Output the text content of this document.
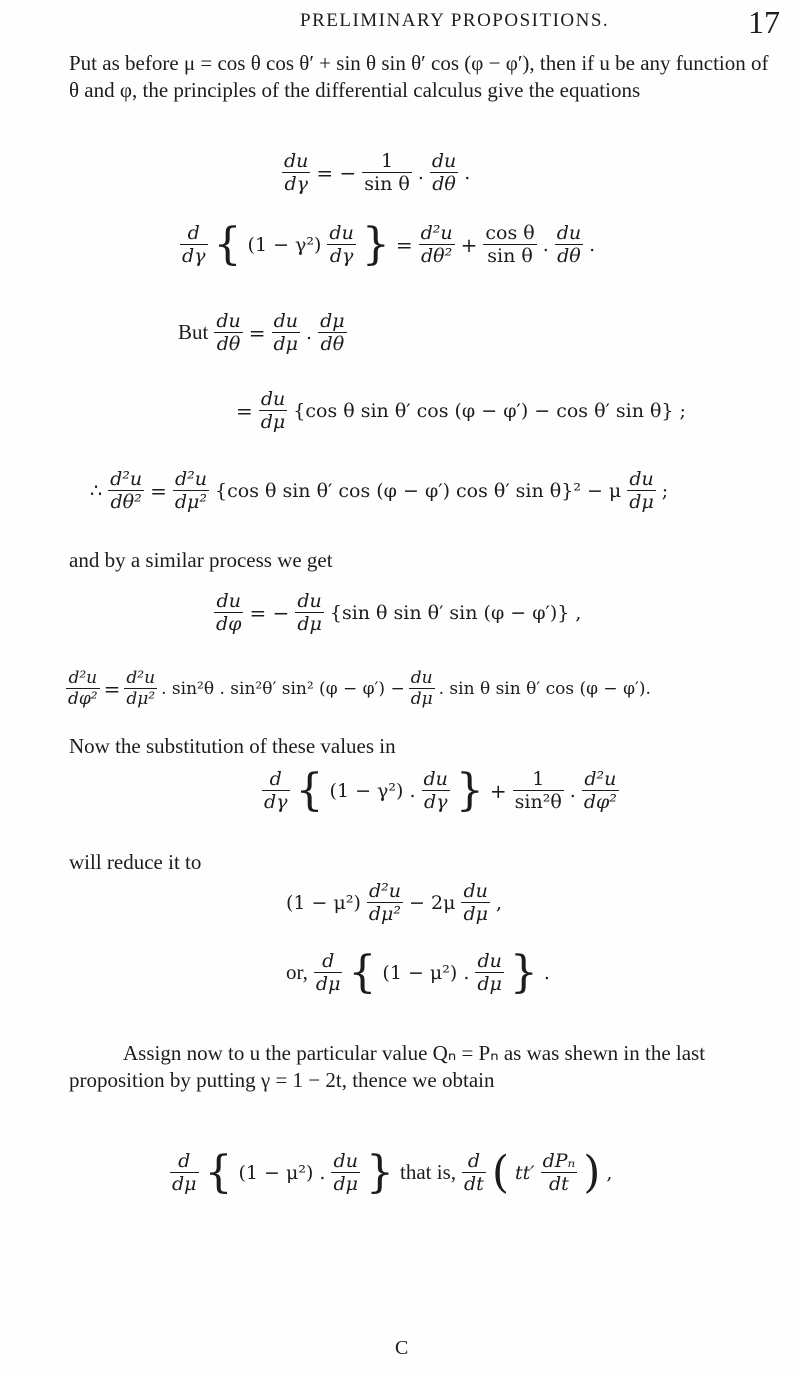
PRELIMINARY PROPOSITIONS.	17
Put as before μ = cos θ cos θ′ + sin θ sin θ′ cos (φ − φ′), then if u be any function of θ and φ, the principles of the differential calculus give the equations
$\frac{du}{d\gamma}$ = − $\frac{1}{\text{sin θ}}$ . $\frac{du}{d\theta}$ .
$\frac{d}{d\gamma}$ { $(1 - \gamma^2) \frac{du}{d\gamma}$ } = $\frac{\text{d²u}}{\text{dθ²}} + \frac{\text{cos θ}}{\text{sin θ}}$ . $\frac{du}{d\theta}$ .
But $\frac{du}{d\theta} = \frac{du}{d\mu}$ . $\frac{d\mu}{d\theta}$
= $\frac{du}{d\mu} \{\cos$ θ sin θ′ cos (φ − φ′) − cos θ′ sin θ} ;
∴ $\frac{\text{d²u}}{\text{dθ²}} = \frac{\text{d²u}}{\text{dμ²}} \{\cos$ θ sin θ′ cos (φ − φ′) cos θ′ sin θ}² − μ $\frac{du}{d\mu}$ ;
and by a similar process we get
$\frac{du}{d\varphi}$ = − $\frac{du}{d\mu} \{\sin$ θ sin θ′ sin (φ − φ′)} ,
$\frac{\text{d²u}}{\text{dφ²}} = \frac{\text{d²u}}{\text{dμ²}}$ . sin²θ . sin²θ′ sin² $(\varphi - \varphi') - \frac{du}{d\mu}$ . sin θ sin θ′ cos (φ − φ′).
Now the substitution of these values in
$\frac{d}{d\gamma}$ { (1 − γ²) . $\frac{du}{d\gamma}$ } + $\frac{1}{\text{sin²θ}}$ . $\frac{\text{d²u}}{\text{dφ²}}$
will reduce it to
$(1 - \mu^2) \frac{\text{d²u}}{\text{dμ²}} - 2\mu \frac{du}{d\mu}$ ,
or, $\frac{d}{d\mu}$ { (1 − μ²) . $\frac{du}{d\mu}$ } .
Assign now to u the particular value Qₙ = Pₙ as was shewn in the last proposition by putting γ = 1 − 2t, thence we obtain
$\frac{d}{d\mu}$ { (1 − μ²) . $\frac{du}{d\mu}$ } that is, $\frac{d}{dt}$ ( $tt' \frac{\text{dPₙ}}{dt}$ ) ,
C
